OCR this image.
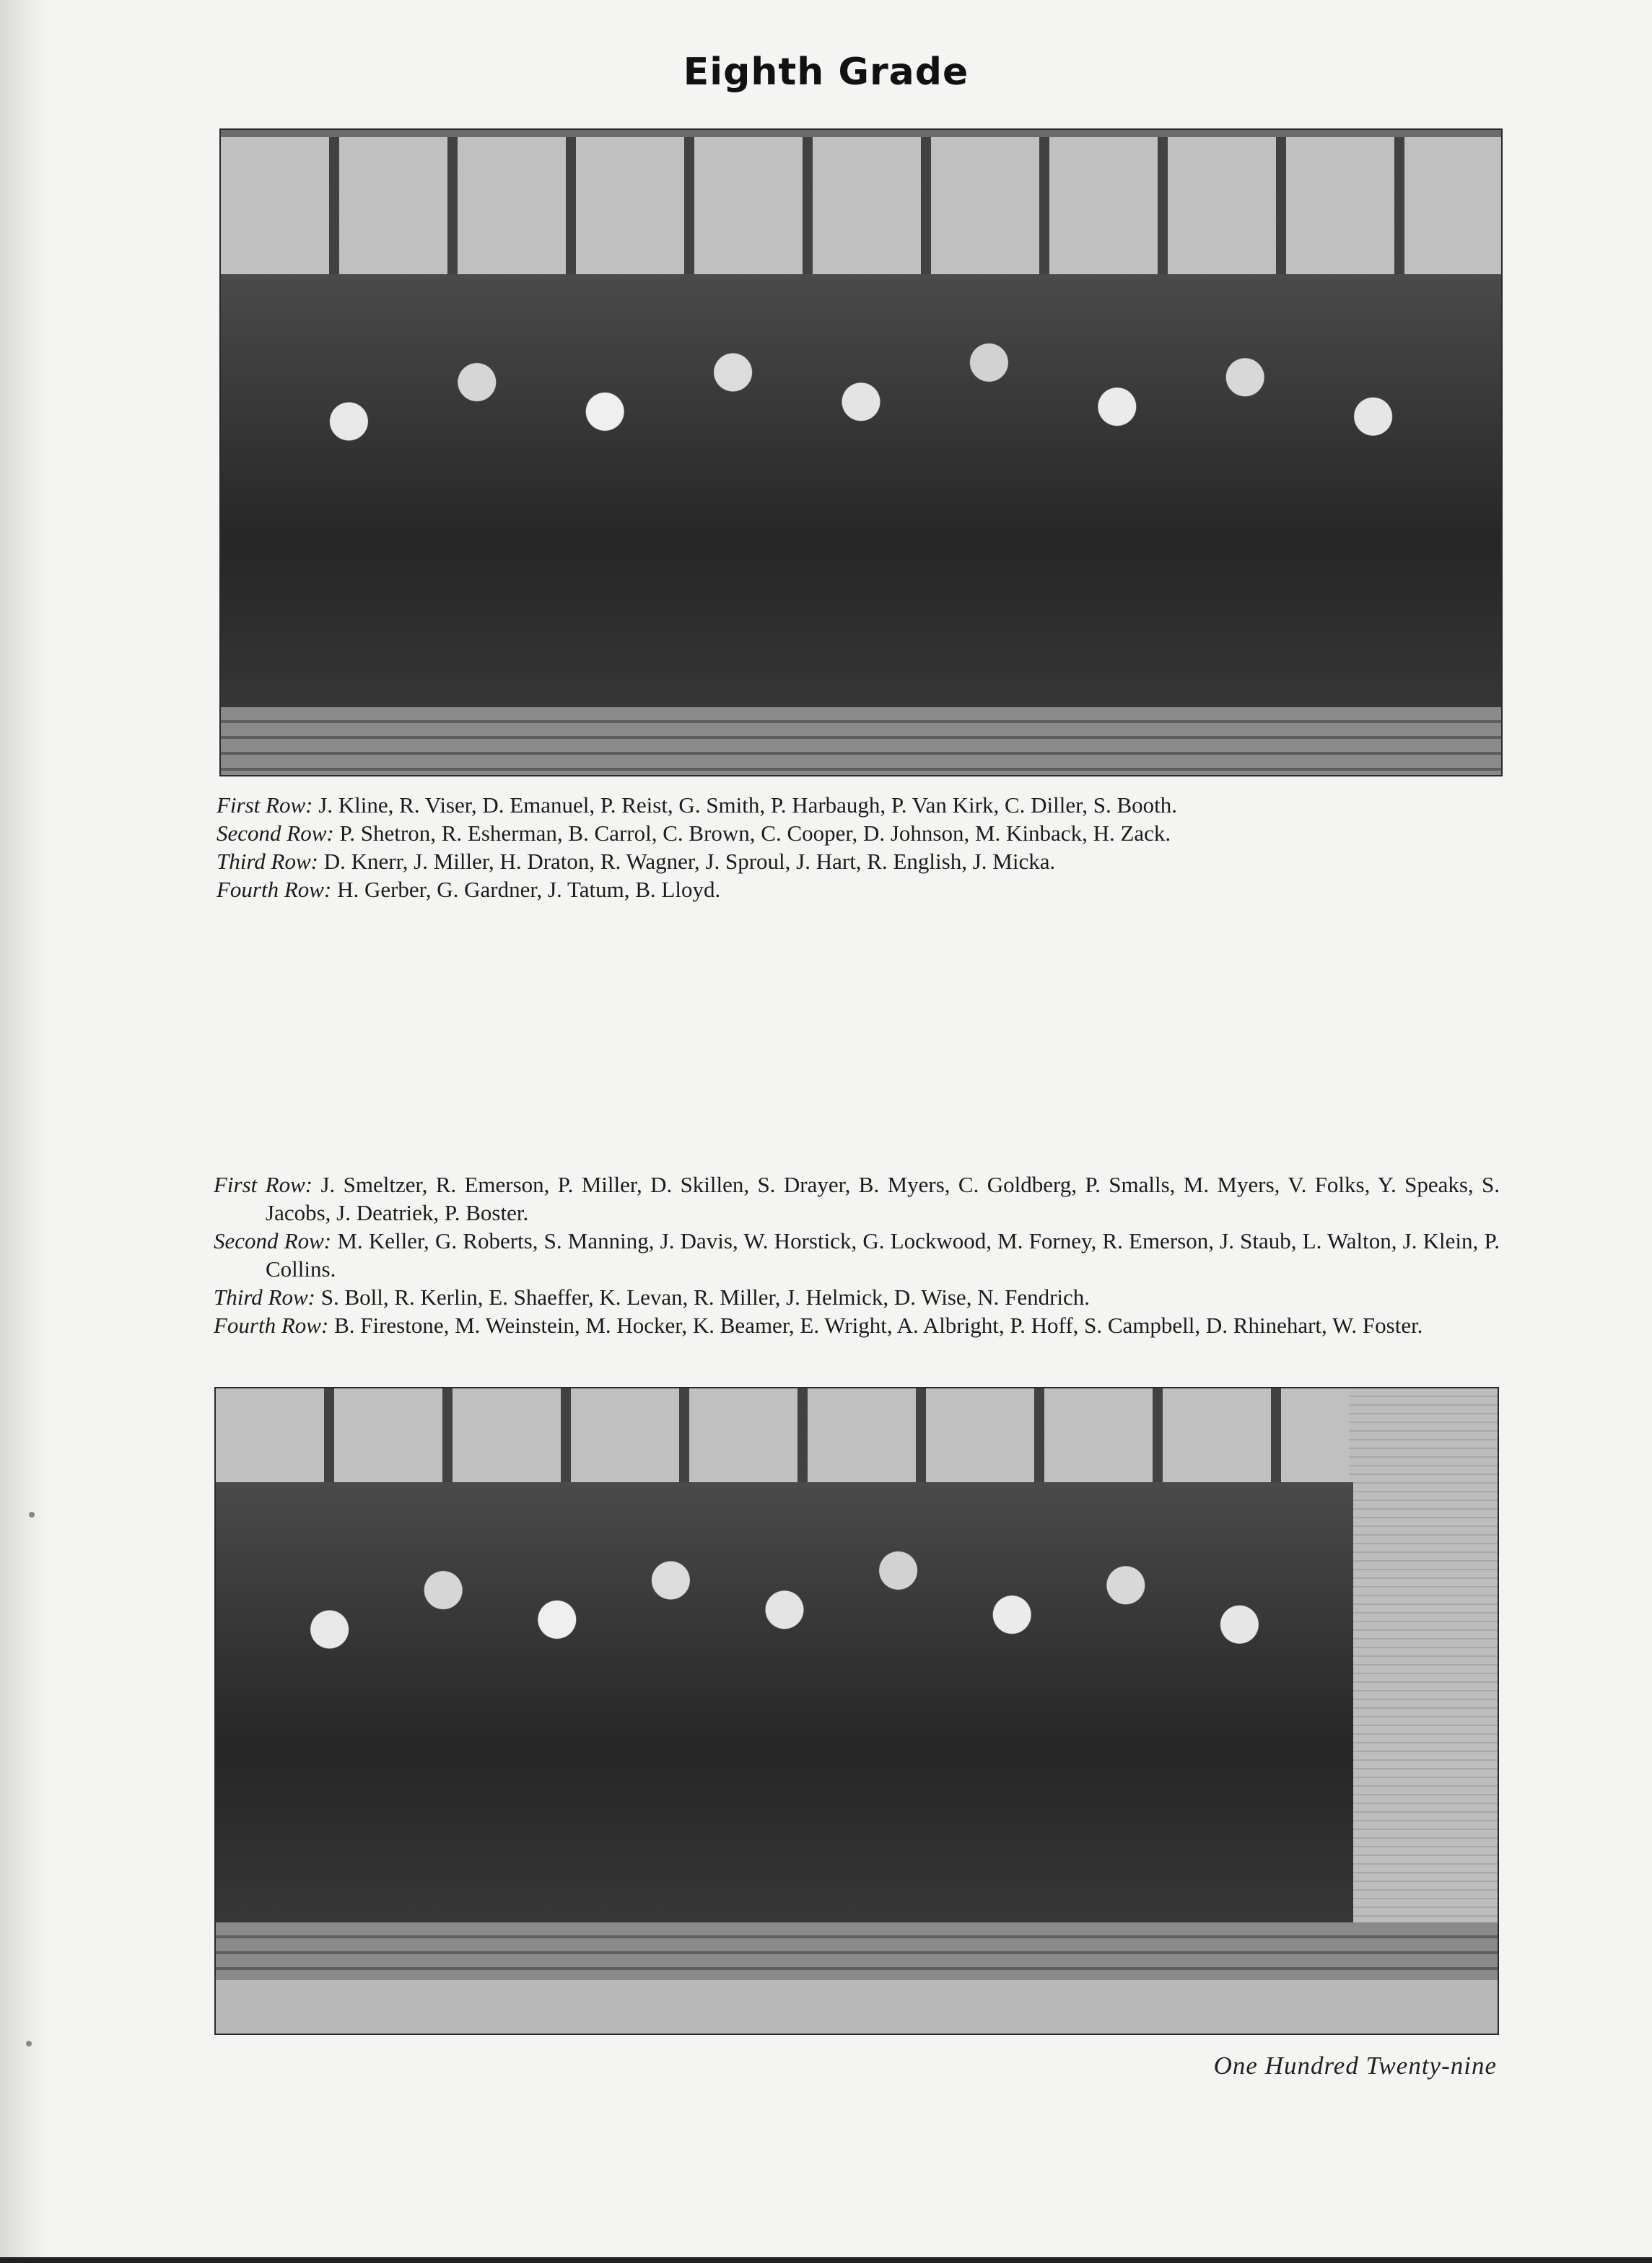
Eighth Grade

First Row: J. Kline, R. Viser, D. Emanuel, P. Reist, G. Smith, P. Harbaugh, P. Van Kirk, C. Diller, S. Booth.

Second Row: P. Shetron, R. Esherman, B. Carrol, C. Brown, C. Cooper, D. Johnson, M. Kinback, H. Zack.

Third Row: D. Knerr, J. Miller, H. Draton, R. Wagner, J. Sproul, J. Hart, R. English, J. Micka.

Fourth Row: H. Gerber, G. Gardner, J. Tatum, B. Lloyd.

First Row: J. Smeltzer, R. Emerson, P. Miller, D. Skillen, S. Drayer, B. Myers, C. Goldberg, P. Smalls, M. Myers, V. Folks, Y. Speaks, S. Jacobs, J. Deatriek, P. Boster.

Second Row: M. Keller, G. Roberts, S. Manning, J. Davis, W. Horstick, G. Lockwood, M. Forney, R. Emerson, J. Staub, L. Walton, J. Klein, P. Collins.

Third Row: S. Boll, R. Kerlin, E. Shaeffer, K. Levan, R. Miller, J. Helmick, D. Wise, N. Fendrich.

Fourth Row: B. Firestone, M. Weinstein, M. Hocker, K. Beamer, E. Wright, A. Albright, P. Hoff, S. Campbell, D. Rhinehart, W. Foster.

One Hundred Twenty-nine
